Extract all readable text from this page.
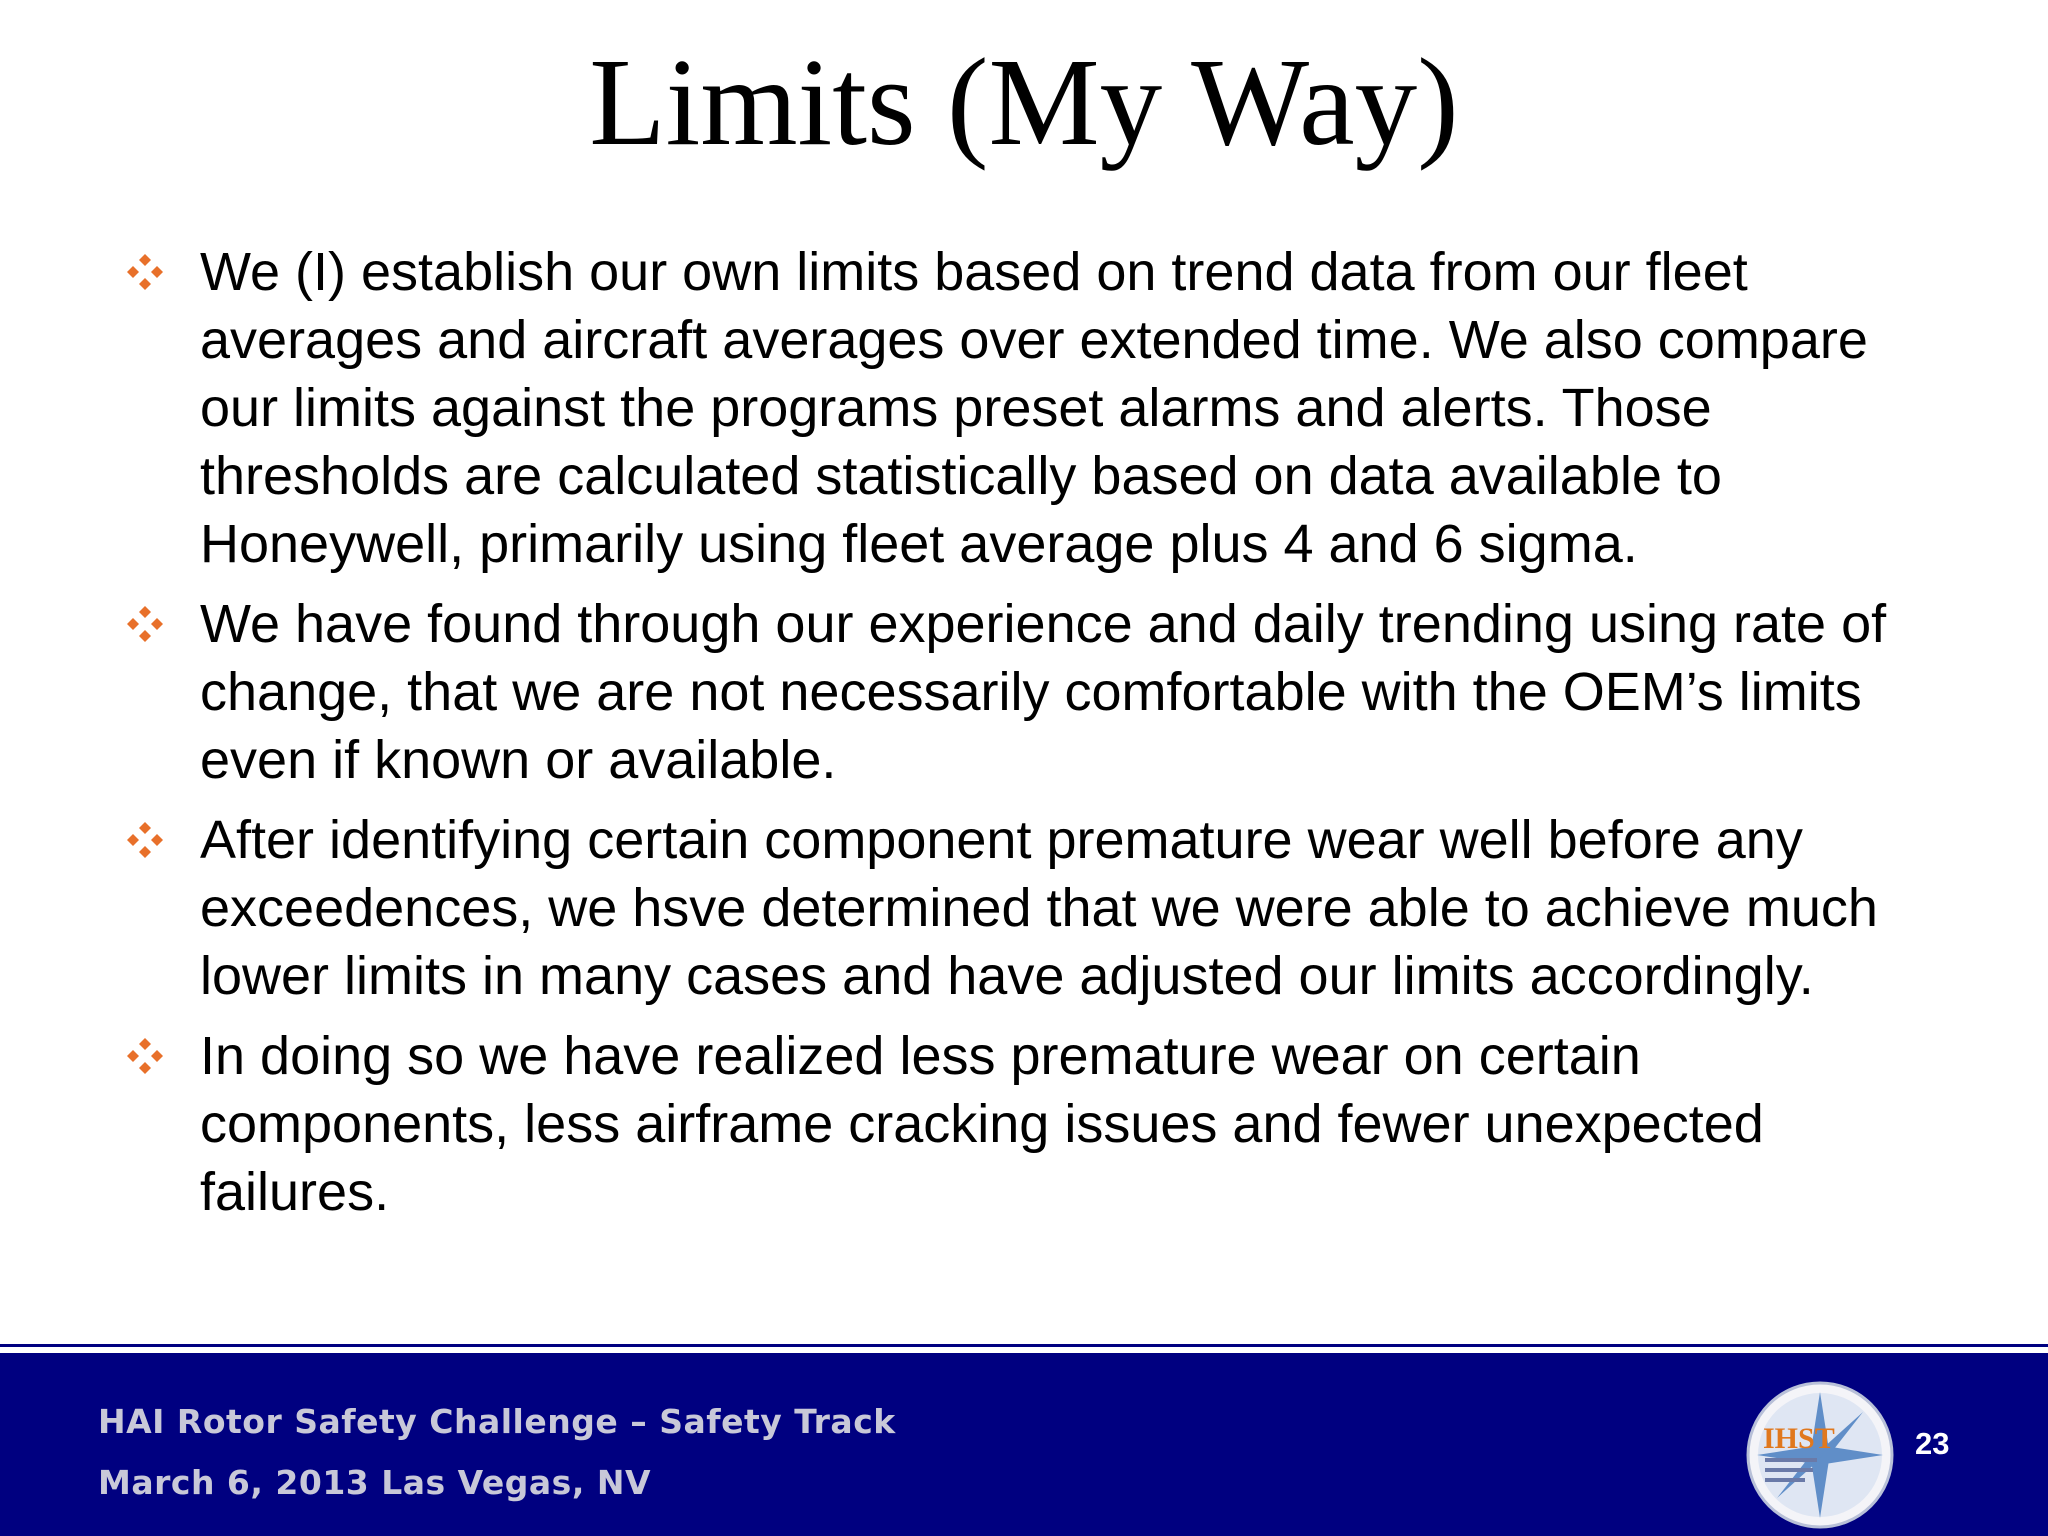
Limits (My Way)
We (I) establish our own limits based on trend data from our fleet averages and aircraft averages over extended time. We also compare our limits against the programs preset alarms and alerts. Those thresholds are calculated statistically based on data available to Honeywell, primarily using fleet average plus 4 and 6 sigma.
We have found through our experience and daily trending using rate of change, that we are not necessarily comfortable with the OEM’s limits even if known or available.
After identifying certain component premature wear well before any exceedences, we hsve determined that we were able to achieve much lower limits in many cases and have adjusted our limits accordingly.
In doing so we have realized less premature wear on certain components, less airframe cracking issues and fewer unexpected failures.
HAI Rotor Safety Challenge – Safety Track
March 6, 2013 Las Vegas, NV
IHST	23
